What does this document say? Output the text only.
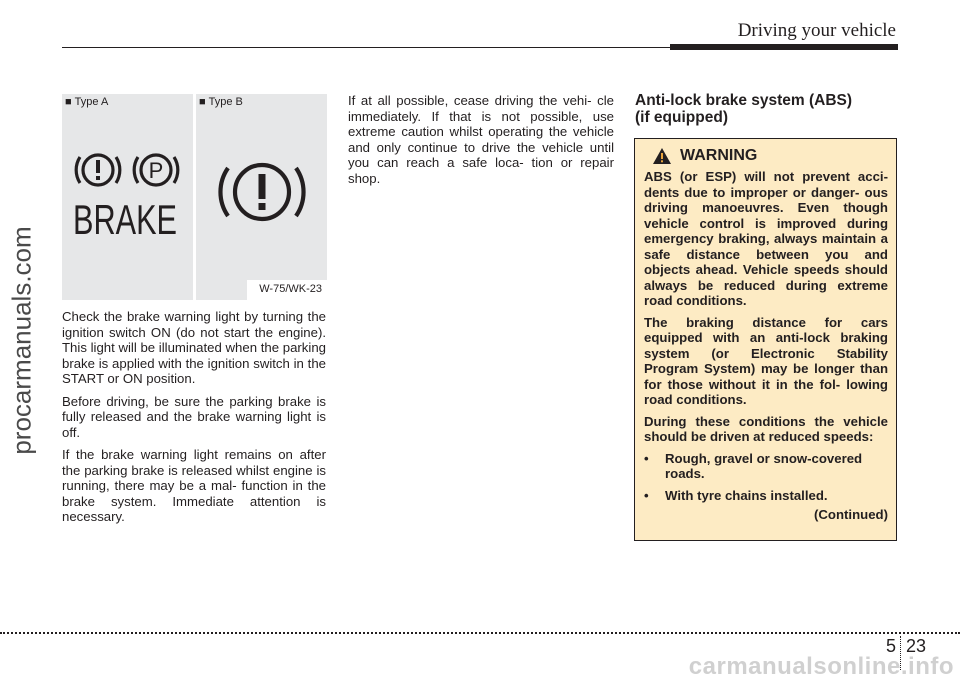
Driving your vehicle
procarmanuals.com
■ Type A
P
BRAKE
■ Type B
W-75/WK-23

Check the brake warning light by turning the ignition switch ON (do not start the engine). This light will be illuminated when the parking brake is applied with the ignition switch in the START or ON position.

Before driving, be sure the parking brake is fully released and the brake warning light is off.

If the brake warning light remains on after the parking brake is released whilst engine is running, there may be a mal- function in the brake system. Immediate attention is necessary.

If at all possible, cease driving the vehi- cle immediately. If that is not possible, use extreme caution whilst operating the vehicle and only continue to drive the vehicle until you can reach a safe loca- tion or repair shop.

Anti-lock brake system (ABS)
(if equipped)
WARNING

ABS (or ESP) will not prevent acci- dents due to improper or danger- ous driving manoeuvres. Even though vehicle control is improved during emergency braking, always maintain a safe distance between you and objects ahead. Vehicle speeds should always be reduced during extreme road conditions.

The braking distance for cars equipped with an anti-lock braking system (or Electronic Stability Program System) may be longer than for those without it in the fol- lowing road conditions.

During these conditions the vehicle should be driven at reduced speeds:

• Rough, gravel or snow-covered roads.
• With tyre chains installed.
(Continued)
5 23
carmanualsonline.info
